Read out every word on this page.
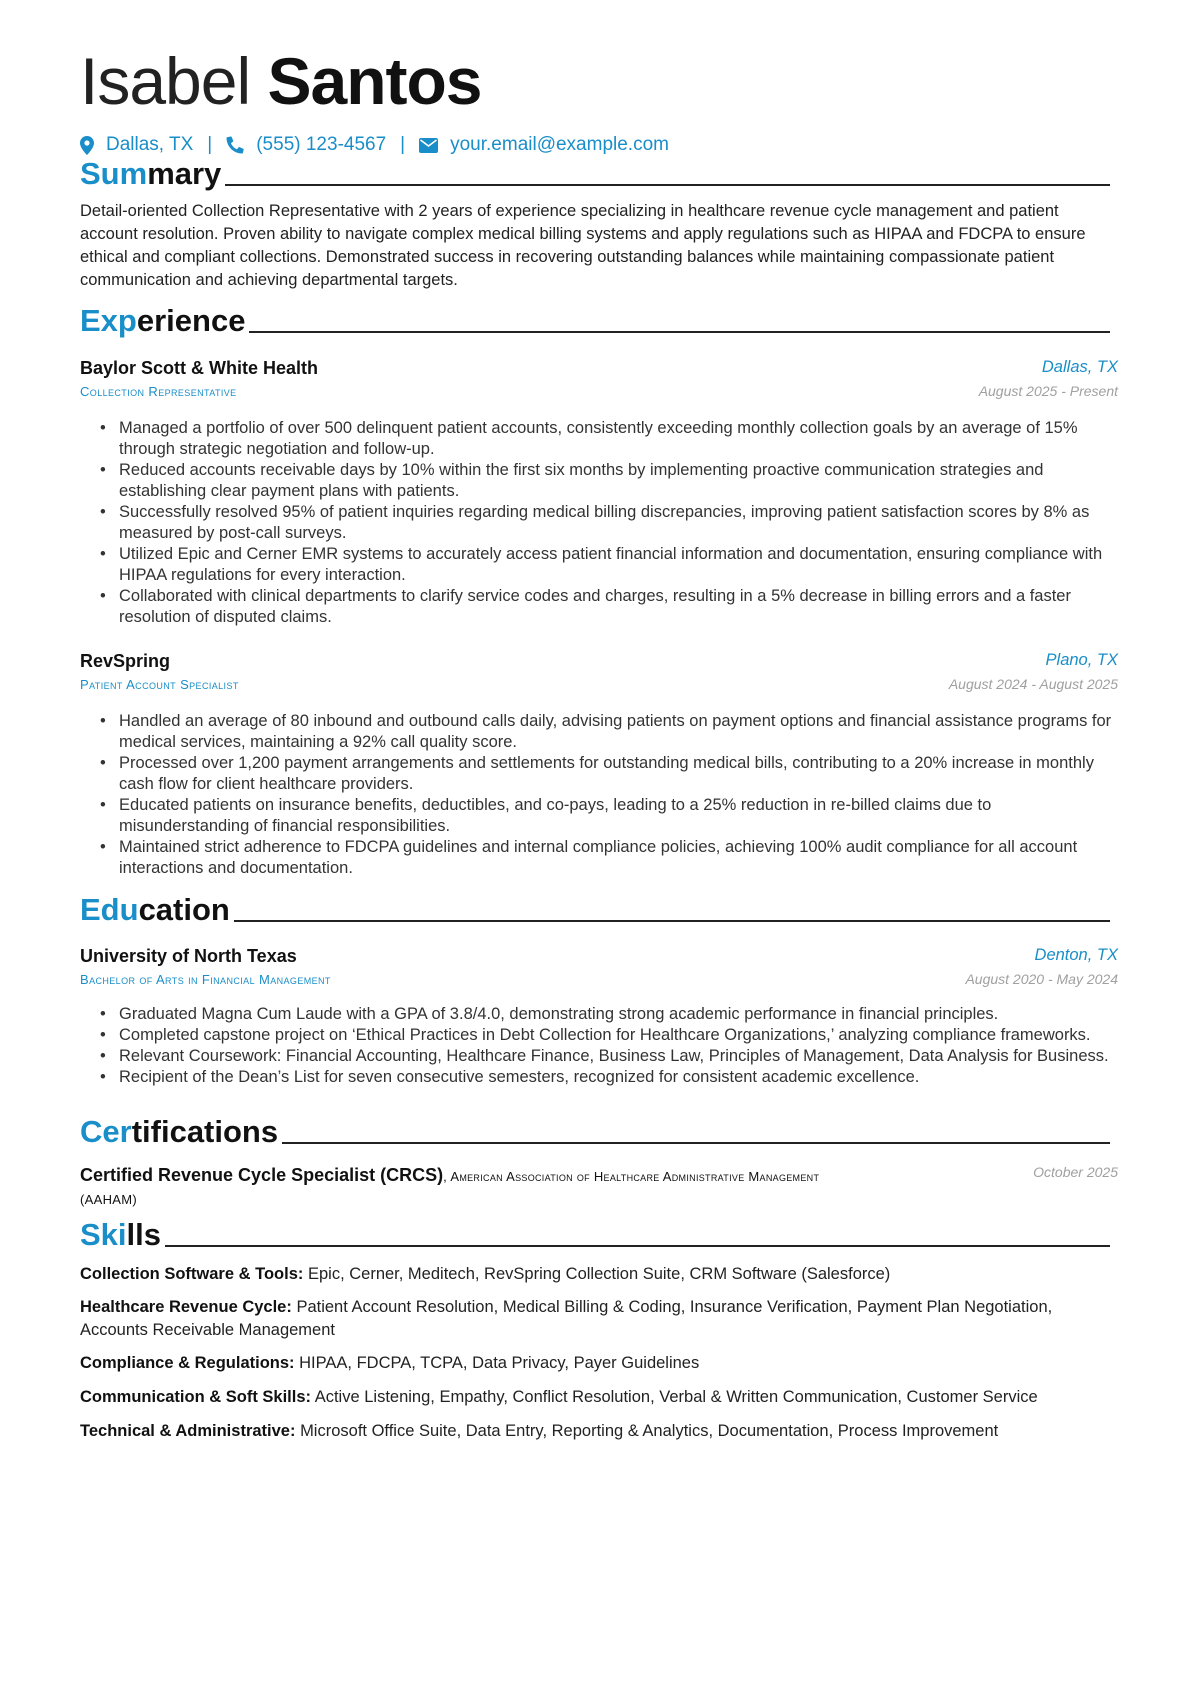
Isabel Santos
Dallas, TX | (555) 123-4567 | your.email@example.com
Summary

Detail-oriented Collection Representative with 2 years of experience specializing in healthcare revenue cycle management and patient account resolution. Proven ability to navigate complex medical billing systems and apply regulations such as HIPAA and FDCPA to ensure ethical and compliant collections. Demonstrated success in recovering outstanding balances while maintaining compassionate patient communication and achieving departmental targets.

Experience
Baylor Scott & White Health	Dallas, TX
Collection Representative	August 2025 - Present
• Managed a portfolio of over 500 delinquent patient accounts, consistently exceeding monthly collection goals by an average of 15% through strategic negotiation and follow-up.
• Reduced accounts receivable days by 10% within the first six months by implementing proactive communication strategies and establishing clear payment plans with patients.
• Successfully resolved 95% of patient inquiries regarding medical billing discrepancies, improving patient satisfaction scores by 8% as measured by post-call surveys.
• Utilized Epic and Cerner EMR systems to accurately access patient financial information and documentation, ensuring compliance with HIPAA regulations for every interaction.
• Collaborated with clinical departments to clarify service codes and charges, resulting in a 5% decrease in billing errors and a faster resolution of disputed claims.
RevSpring	Plano, TX
Patient Account Specialist	August 2024 - August 2025
• Handled an average of 80 inbound and outbound calls daily, advising patients on payment options and financial assistance programs for medical services, maintaining a 92% call quality score.
• Processed over 1,200 payment arrangements and settlements for outstanding medical bills, contributing to a 20% increase in monthly cash flow for client healthcare providers.
• Educated patients on insurance benefits, deductibles, and co-pays, leading to a 25% reduction in re-billed claims due to misunderstanding of financial responsibilities.
• Maintained strict adherence to FDCPA guidelines and internal compliance policies, achieving 100% audit compliance for all account interactions and documentation.
Education
University of North Texas	Denton, TX
Bachelor of Arts in Financial Management	August 2020 - May 2024
• Graduated Magna Cum Laude with a GPA of 3.8/4.0, demonstrating strong academic performance in financial principles.
• Completed capstone project on ‘Ethical Practices in Debt Collection for Healthcare Organizations,’ analyzing compliance frameworks.
• Relevant Coursework: Financial Accounting, Healthcare Finance, Business Law, Principles of Management, Data Analysis for Business.
• Recipient of the Dean’s List for seven consecutive semesters, recognized for consistent academic excellence.
Certifications
Certified Revenue Cycle Specialist (CRCS), American Association of Healthcare Administrative Management (AAHAM)
October 2025
Skills
Collection Software & Tools: Epic, Cerner, Meditech, RevSpring Collection Suite, CRM Software (Salesforce)
Healthcare Revenue Cycle: Patient Account Resolution, Medical Billing & Coding, Insurance Verification, Payment Plan Negotiation, Accounts Receivable Management
Compliance & Regulations: HIPAA, FDCPA, TCPA, Data Privacy, Payer Guidelines
Communication & Soft Skills: Active Listening, Empathy, Conflict Resolution, Verbal & Written Communication, Customer Service
Technical & Administrative: Microsoft Office Suite, Data Entry, Reporting & Analytics, Documentation, Process Improvement
